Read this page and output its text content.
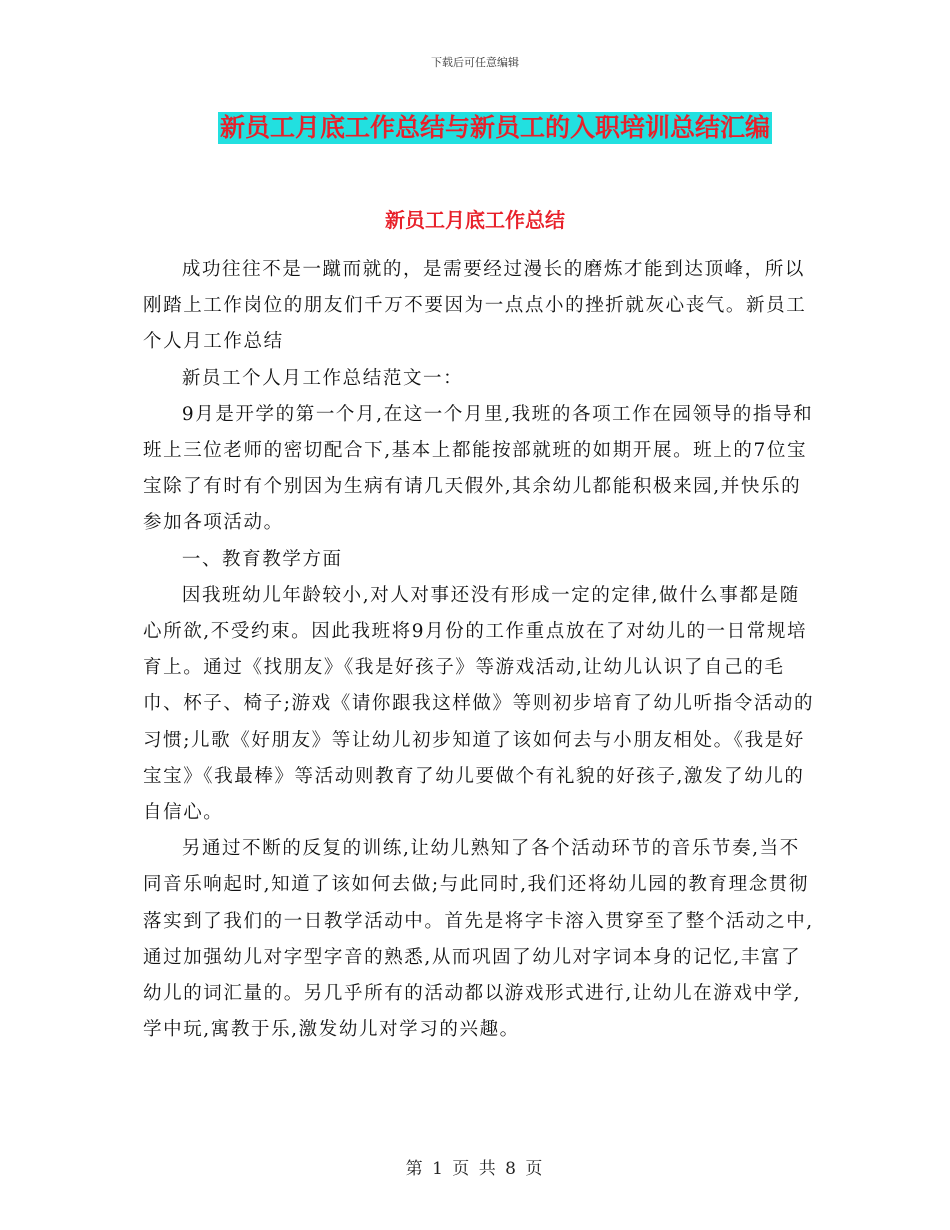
下载后可任意编辑
新员工月底工作总结与新员工的入职培训总结汇编
新员工月底工作总结

成功往往不是一蹴而就的，是需要经过漫长的磨炼才能到达顶峰，所以刚踏上工作岗位的朋友们千万不要因为一点点小的挫折就灰心丧气。新员工个人月工作总结

新员工个人月工作总结范文一：

9月是开学的第一个月,在这一个月里,我班的各项工作在园领导的指导和班上三位老师的密切配合下,基本上都能按部就班的如期开展。班上的7位宝宝除了有时有个别因为生病有请几天假外,其余幼儿都能积极来园,并快乐的参加各项活动。

一、教育教学方面

因我班幼儿年龄较小,对人对事还没有形成一定的定律,做什么事都是随心所欲,不受约束。因此我班将9月份的工作重点放在了对幼儿的一日常规培育上。通过《找朋友》《我是好孩子》等游戏活动,让幼儿认识了自己的毛巾、杯子、椅子;游戏《请你跟我这样做》等则初步培育了幼儿听指令活动的习惯;儿歌《好朋友》等让幼儿初步知道了该如何去与小朋友相处。《我是好宝宝》《我最棒》等活动则教育了幼儿要做个有礼貌的好孩子,激发了幼儿的自信心。

另通过不断的反复的训练,让幼儿熟知了各个活动环节的音乐节奏,当不同音乐响起时,知道了该如何去做;与此同时,我们还将幼儿园的教育理念贯彻落实到了我们的一日教学活动中。首先是将字卡溶入贯穿至了整个活动之中,通过加强幼儿对字型字音的熟悉,从而巩固了幼儿对字词本身的记忆,丰富了幼儿的词汇量的。另几乎所有的活动都以游戏形式进行,让幼儿在游戏中学,学中玩,寓教于乐,激发幼儿对学习的兴趣。

第 1 页 共 8 页
